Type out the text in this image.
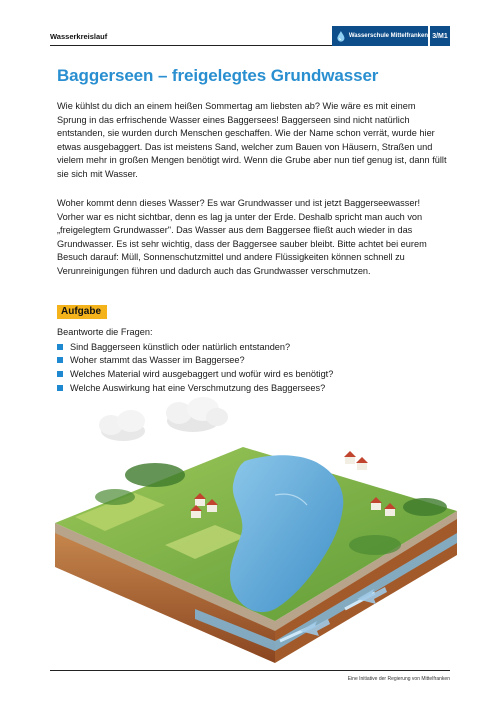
Wasserkreislauf	Wasserschule Mittelfranken 3/M1
Baggerseen – freigelegtes Grundwasser

Wie kühlst du dich an einem heißen Sommertag am liebsten ab? Wie wäre es mit einem Sprung in das erfrischende Wasser eines Baggersees! Baggerseen sind nicht natürlich entstanden, sie wurden durch Menschen geschaffen. Wie der Name schon verrät, wurde hier etwas ausgebaggert. Das ist meistens Sand, welcher zum Bauen von Häusern, Straßen und vielem mehr in großen Mengen benötigt wird. Wenn die Grube aber nun tief genug ist, dann füllt sie sich mit Wasser.

Woher kommt denn dieses Wasser? Es war Grundwasser und ist jetzt Baggerseewasser! Vorher war es nicht sichtbar, denn es lag ja unter der Erde. Deshalb spricht man auch von „freigelegtem Grundwasser". Das Wasser aus dem Baggersee fließt auch wieder in das Grundwasser. Es ist sehr wichtig, dass der Baggersee sauber bleibt. Bitte achtet bei eurem Besuch darauf: Müll, Sonnenschutzmittel und andere Flüssigkeiten können schnell zu Verunreinigungen führen und dadurch auch das Grundwasser verschmutzen.

Aufgabe
Beantworte die Fragen:
Sind Baggerseen künstlich oder natürlich entstanden?
Woher stammt das Wasser im Baggersee?
Welches Material wird ausgebaggert und wofür wird es benötigt?
Welche Auswirkung hat eine Verschmutzung des Baggersees?
Eine Initiative der Regierung von Mittelfranken
